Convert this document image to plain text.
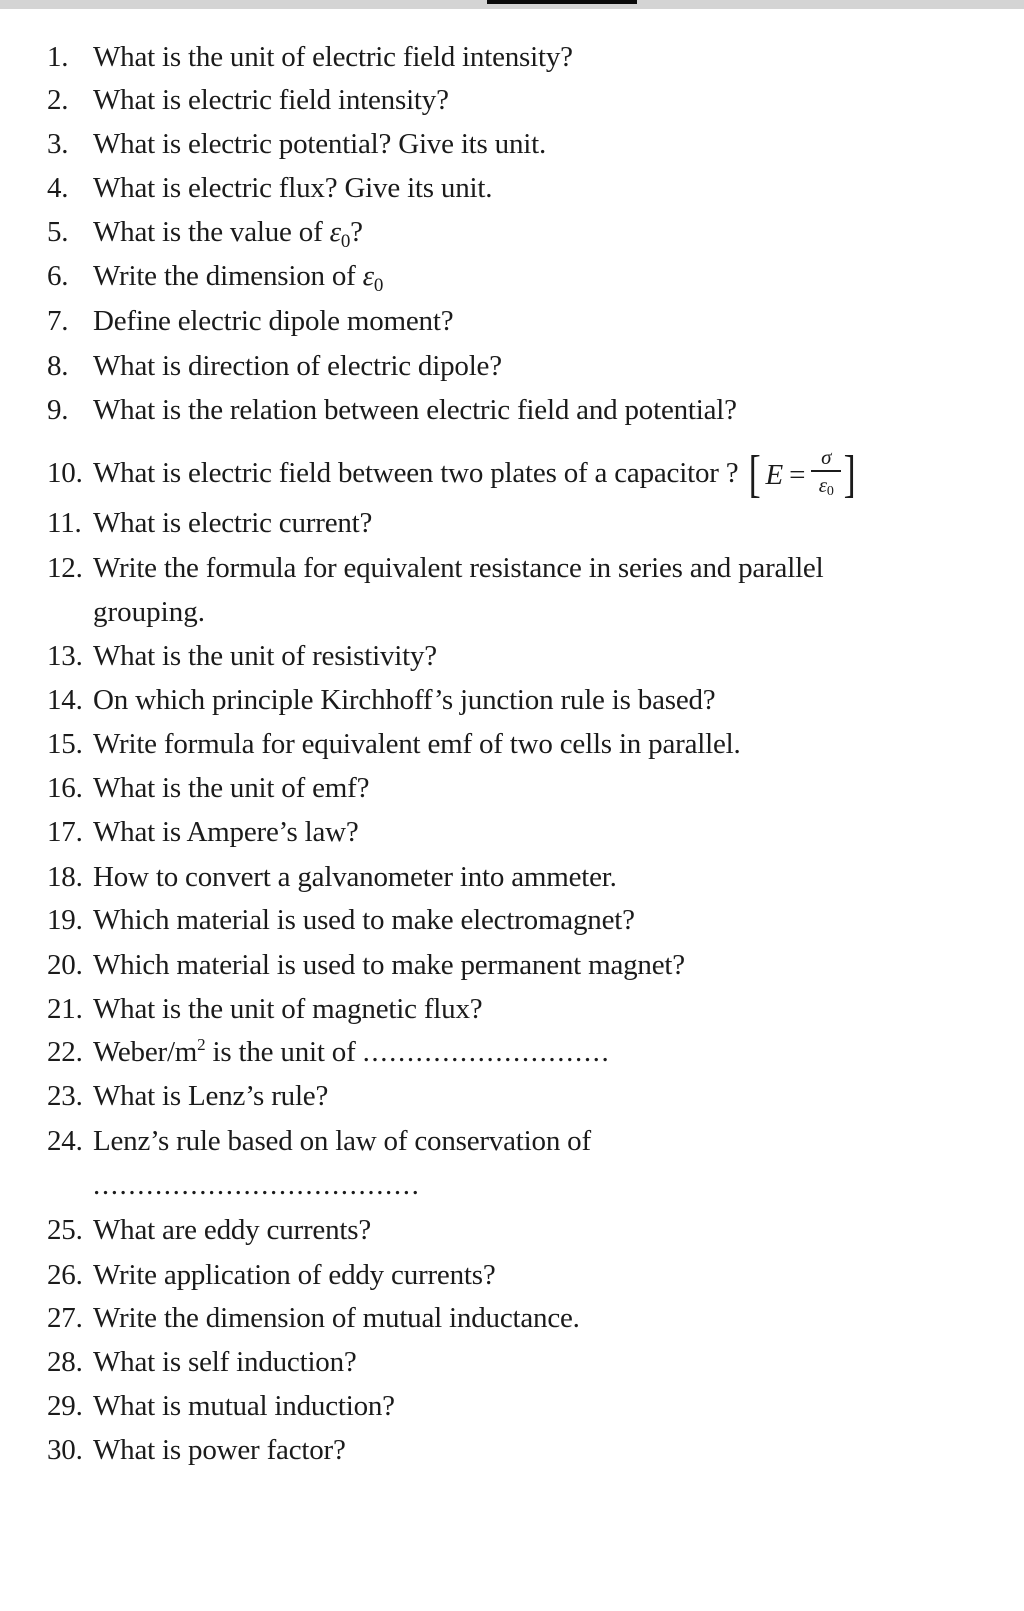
1. What is the unit of electric field intensity?
2. What is electric field intensity?
3. What is electric potential? Give its unit.
4. What is electric flux? Give its unit.
5. What is the value of $\varepsilon_0$?
6. Write the dimension of $\varepsilon_0$
7. Define electric dipole moment?
8. What is direction of electric dipole?
9. What is the relation between electric field and potential?
10. What is electric field between two plates of a capacitor ? [ $E = \frac{\sigma}{\varepsilon_0}$ ]
11. What is electric current?
12. Write the formula for equivalent resistance in series and parallel
grouping.
13. What is the unit of resistivity?
14. On which principle Kirchhoff’s junction rule is based?
15. Write formula for equivalent emf of two cells in parallel.
16. What is the unit of emf?
17. What is Ampere’s law?
18. How to convert a galvanometer into ammeter.
19. Which material is used to make electromagnet?
20. Which material is used to make permanent magnet?
21. What is the unit of magnetic flux?
22. Weber/$m^2$ is the unit of ............................
23. What is Lenz’s rule?
24. Lenz’s rule based on law of conservation of
.....................................
25. What are eddy currents?
26. Write application of eddy currents?
27. Write the dimension of mutual inductance.
28. What is self induction?
29. What is mutual induction?
30. What is power factor?
